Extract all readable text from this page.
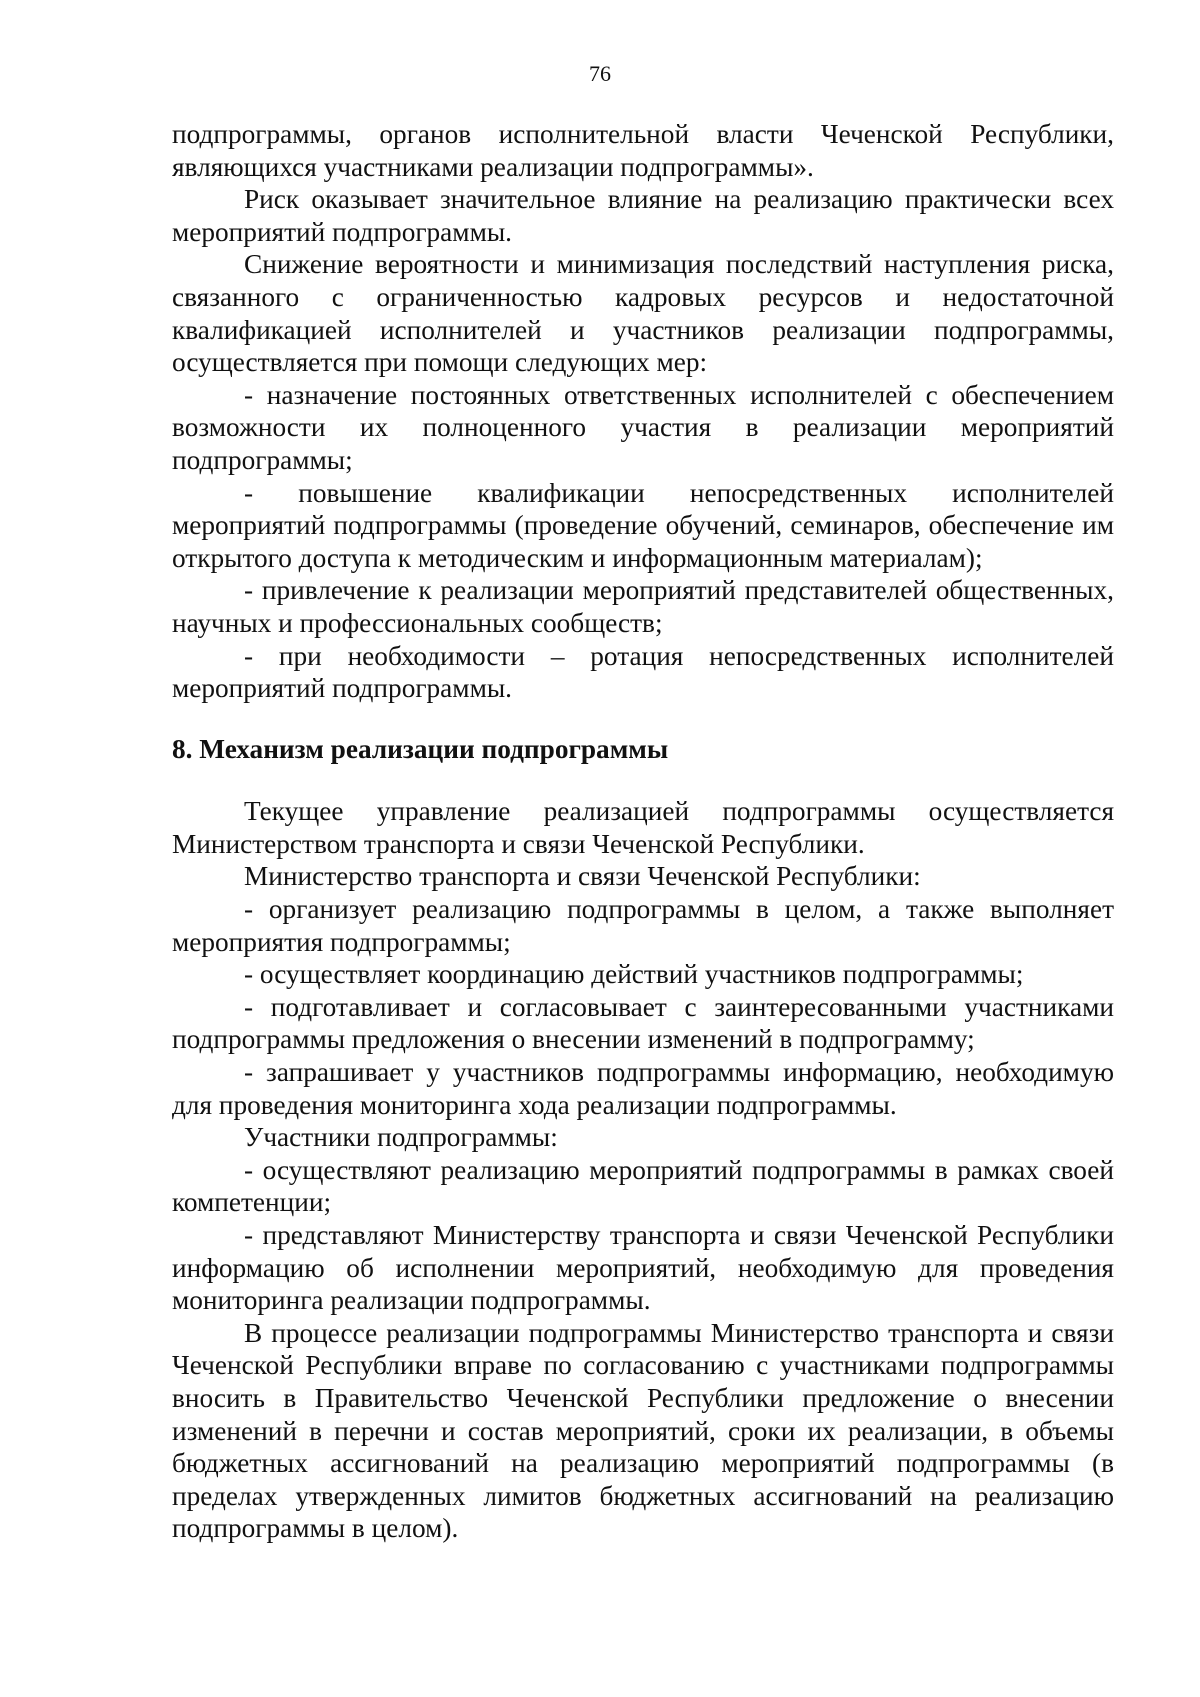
76

подпрограммы, органов исполнительной власти Чеченской Республики, являющихся участниками реализации подпрограммы».

Риск оказывает значительное влияние на реализацию практически всех мероприятий подпрограммы.

Снижение вероятности и минимизация последствий наступления риска, связанного с ограниченностью кадровых ресурсов и недостаточной квалификацией исполнителей и участников реализации подпрограммы, осуществляется при помощи следующих мер:

- назначение постоянных ответственных исполнителей с обеспечением возможности их полноценного участия в реализации мероприятий подпрограммы;

- повышение квалификации непосредственных исполнителей мероприятий подпрограммы (проведение обучений, семинаров, обеспечение им открытого доступа к методическим и информационным материалам);

- привлечение к реализации мероприятий представителей общественных, научных и профессиональных сообществ;

- при необходимости – ротация непосредственных исполнителей мероприятий подпрограммы.

8. Механизм реализации подпрограммы

Текущее управление реализацией подпрограммы осуществляется Министерством транспорта и связи Чеченской Республики.

Министерство транспорта и связи Чеченской Республики:

- организует реализацию подпрограммы в целом, а также выполняет мероприятия подпрограммы;

- осуществляет координацию действий участников подпрограммы;

- подготавливает и согласовывает с заинтересованными участниками подпрограммы предложения о внесении изменений в подпрограмму;

- запрашивает у участников подпрограммы информацию, необходимую для проведения мониторинга хода реализации подпрограммы.

Участники подпрограммы:

- осуществляют реализацию мероприятий подпрограммы в рамках своей компетенции;

- представляют Министерству транспорта и связи Чеченской Республики информацию об исполнении мероприятий, необходимую для проведения мониторинга реализации подпрограммы.

В процессе реализации подпрограммы Министерство транспорта и связи Чеченской Республики вправе по согласованию с участниками подпрограммы вносить в Правительство Чеченской Республики предложение о внесении изменений в перечни и состав мероприятий, сроки их реализации, в объемы бюджетных ассигнований на реализацию мероприятий подпрограммы (в пределах утвержденных лимитов бюджетных ассигнований на реализацию подпрограммы в целом).
